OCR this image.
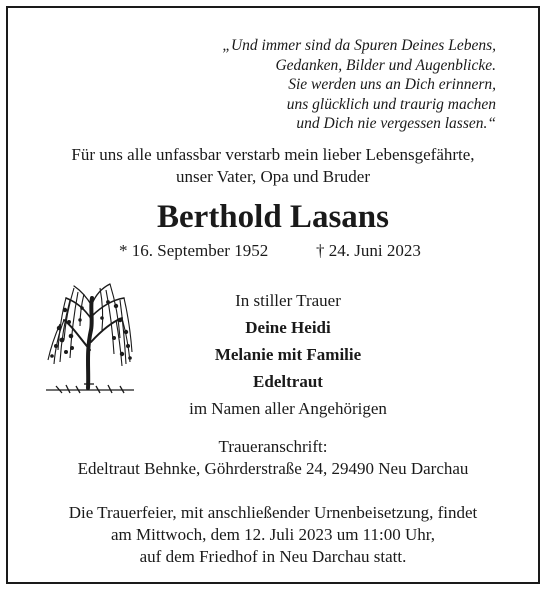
„Und immer sind da Spuren Deines Lebens,
Gedanken, Bilder und Augenblicke.
Sie werden uns an Dich erinnern,
uns glücklich und traurig machen
und Dich nie vergessen lassen.“
Für uns alle unfassbar verstarb mein lieber Lebensgefährte,
unser Vater, Opa und Bruder
Berthold Lasans
* 16. September 1952	† 24. Juni 2023
In stiller Trauer
Deine Heidi
Melanie mit Familie
Edeltraut
im Namen aller Angehörigen
Traueranschrift:
Edeltraut Behnke, Göhrderstraße 24, 29490 Neu Darchau
Die Trauerfeier, mit anschließender Urnenbeisetzung, findet
am Mittwoch, dem 12. Juli 2023 um 11:00 Uhr,
auf dem Friedhof in Neu Darchau statt.
